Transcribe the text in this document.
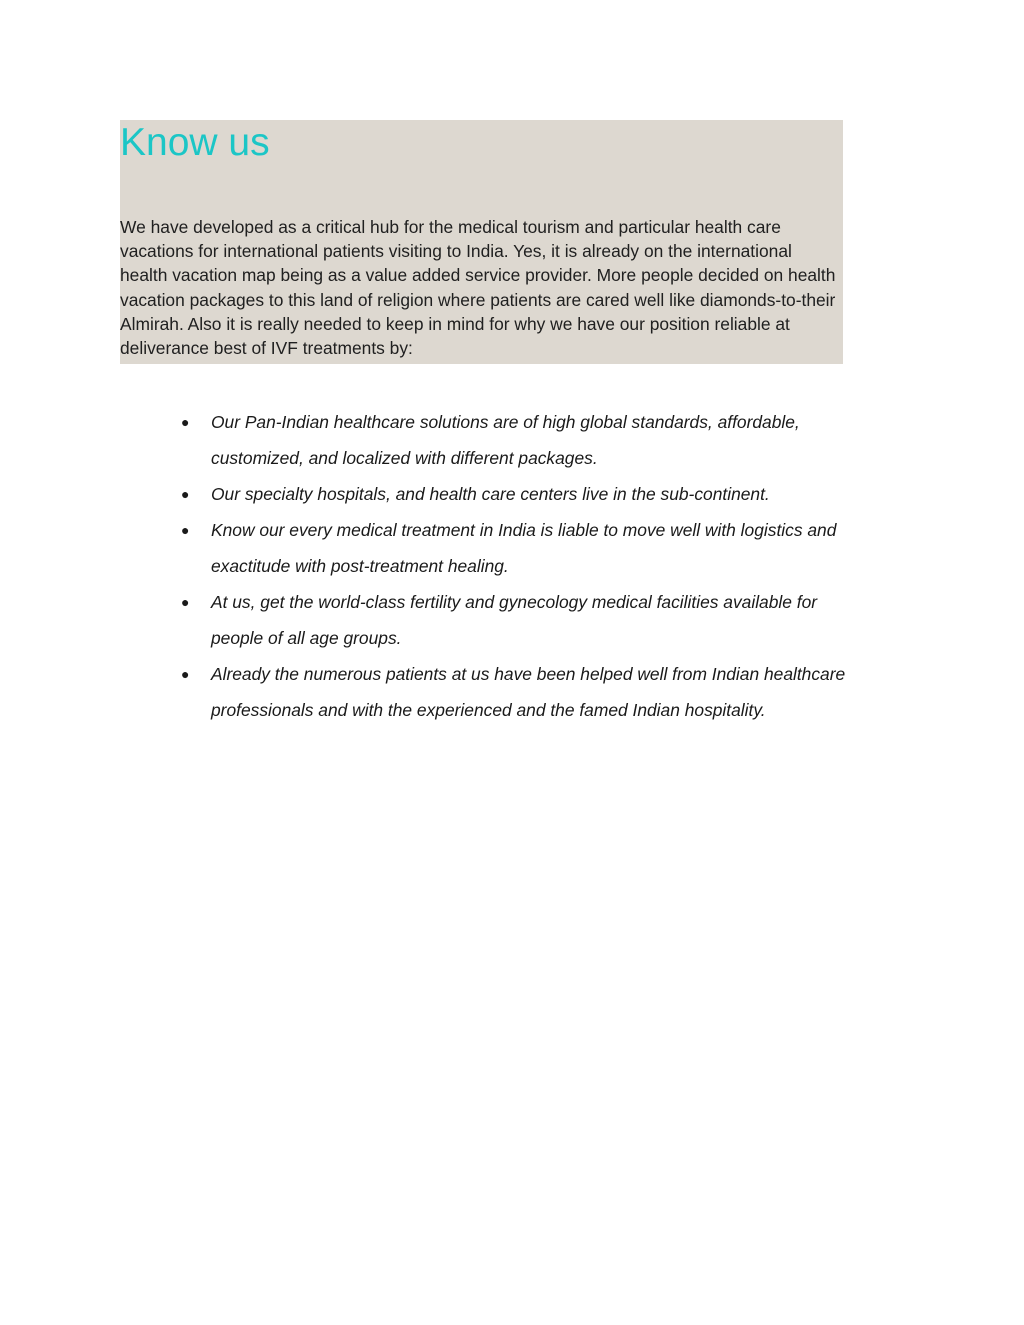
Know us

We have developed as a critical hub for the medical tourism and particular health care vacations for international patients visiting to India. Yes, it is already on the international health vacation map being as a value added service provider. More people decided on health vacation packages to this land of religion where patients are cared well like diamonds-to-their Almirah. Also it is really needed to keep in mind for why we have our position reliable at deliverance best of IVF treatments by:

● Our Pan-Indian healthcare solutions are of high global standards, affordable, customized, and localized with different packages.
● Our specialty hospitals, and health care centers live in the sub-continent.
● Know our every medical treatment in India is liable to move well with logistics and exactitude with post-treatment healing.
● At us, get the world-class fertility and gynecology medical facilities available for people of all age groups.
● Already the numerous patients at us have been helped well from Indian healthcare professionals and with the experienced and the famed Indian hospitality.
